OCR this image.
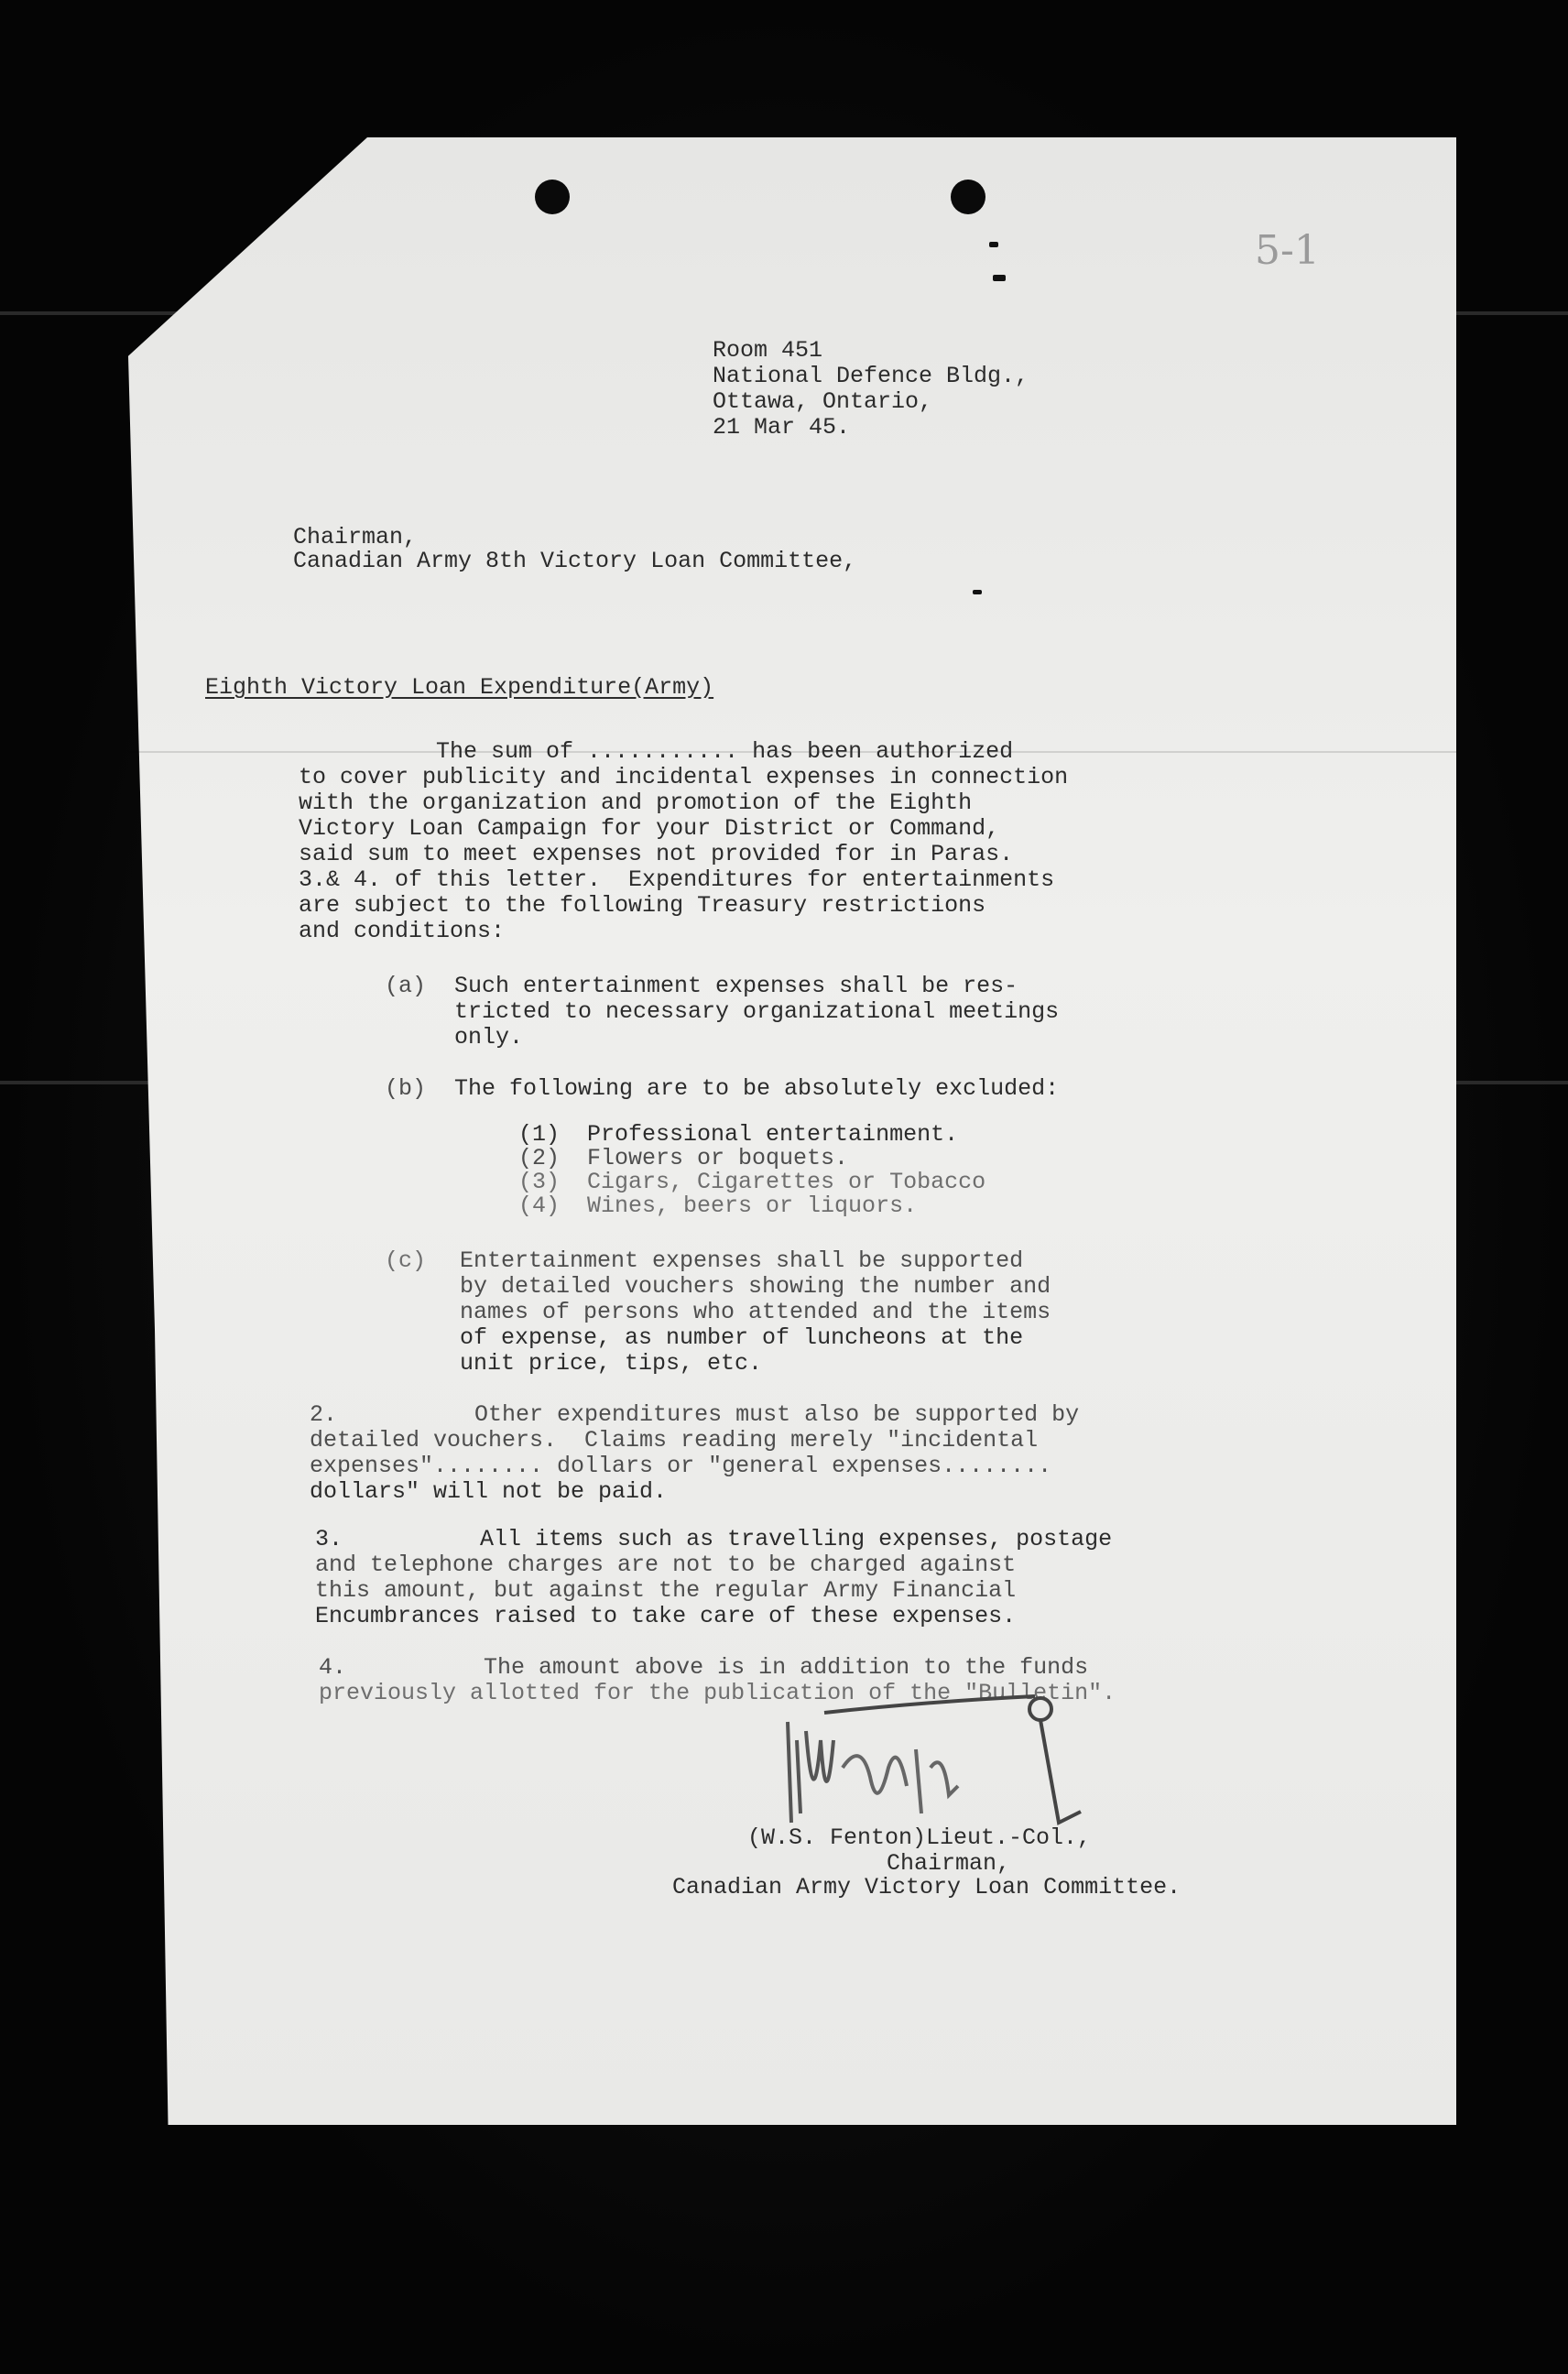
5-1
Room 451
National Defence Bldg.,
Ottawa, Ontario,
21 Mar 45.
Chairman,
Canadian Army 8th Victory Loan Committee,
Eighth Victory Loan Expenditure(Army)
The sum of ........... has been authorized
to cover publicity and incidental expenses in connection
with the organization and promotion of the Eighth
Victory Loan Campaign for your District or Command,
said sum to meet expenses not provided for in Paras.
3.& 4. of this letter.  Expenditures for entertainments
are subject to the following Treasury restrictions
and conditions:
(a) Such entertainment expenses shall be res-
tricted to necessary organizational meetings
only.
(b) The following are to be absolutely excluded:
(1)  Professional entertainment.
(2)  Flowers or boquets.
(3)  Cigars, Cigarettes or Tobacco
(4)  Wines, beers or liquors.
(c) Entertainment expenses shall be supported
by detailed vouchers showing the number and
names of persons who attended and the items
of expense, as number of luncheons at the
unit price, tips, etc.
2.          Other expenditures must also be supported by
detailed vouchers.  Claims reading merely "incidental
expenses"........ dollars or "general expenses........
dollars" will not be paid.
3.          All items such as travelling expenses, postage
and telephone charges are not to be charged against
this amount, but against the regular Army Financial
Encumbrances raised to take care of these expenses.
4.          The amount above is in addition to the funds
previously allotted for the publication of the "Bulletin".
(W.S. Fenton)Lieut.-Col.,
Chairman,
Canadian Army Victory Loan Committee.
